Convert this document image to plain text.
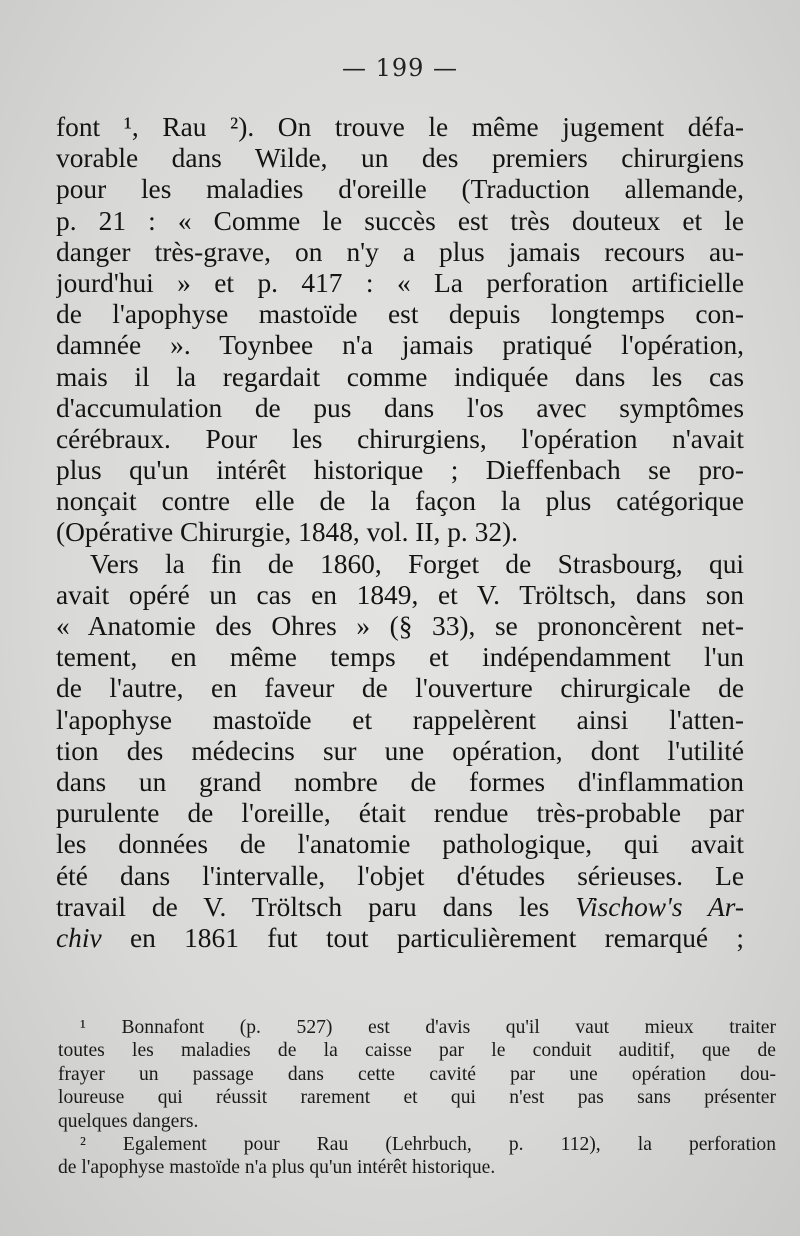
— 199 —
font ¹, Rau ²). On trouve le même jugement défa-
vorable dans Wilde, un des premiers chirurgiens
pour les maladies d'oreille (Traduction allemande,
p. 21 : « Comme le succès est très douteux et le
danger très-grave, on n'y a plus jamais recours au-
jourd'hui » et p. 417 : « La perforation artificielle
de l'apophyse mastoïde est depuis longtemps con-
damnée ». Toynbee n'a jamais pratiqué l'opération,
mais il la regardait comme indiquée dans les cas
d'accumulation de pus dans l'os avec symptômes
cérébraux. Pour les chirurgiens, l'opération n'avait
plus qu'un intérêt historique ; Dieffenbach se pro-
nonçait contre elle de la façon la plus catégorique
(Opérative Chirurgie, 1848, vol. II, p. 32).
Vers la fin de 1860, Forget de Strasbourg, qui
avait opéré un cas en 1849, et V. Tröltsch, dans son
« Anatomie des Ohres » (§ 33), se prononcèrent net-
tement, en même temps et indépendamment l'un
de l'autre, en faveur de l'ouverture chirurgicale de
l'apophyse mastoïde et rappelèrent ainsi l'atten-
tion des médecins sur une opération, dont l'utilité
dans un grand nombre de formes d'inflammation
purulente de l'oreille, était rendue très-probable par
les données de l'anatomie pathologique, qui avait
été dans l'intervalle, l'objet d'études sérieuses. Le
travail de V. Tröltsch paru dans les Vischow's Ar-
chiv en 1861 fut tout particulièrement remarqué ;
¹ Bonnafont (p. 527) est d'avis qu'il vaut mieux traiter
toutes les maladies de la caisse par le conduit auditif, que de
frayer un passage dans cette cavité par une opération dou-
loureuse qui réussit rarement et qui n'est pas sans présenter
quelques dangers.
² Egalement pour Rau (Lehrbuch, p. 112), la perforation
de l'apophyse mastoïde n'a plus qu'un intérêt historique.
